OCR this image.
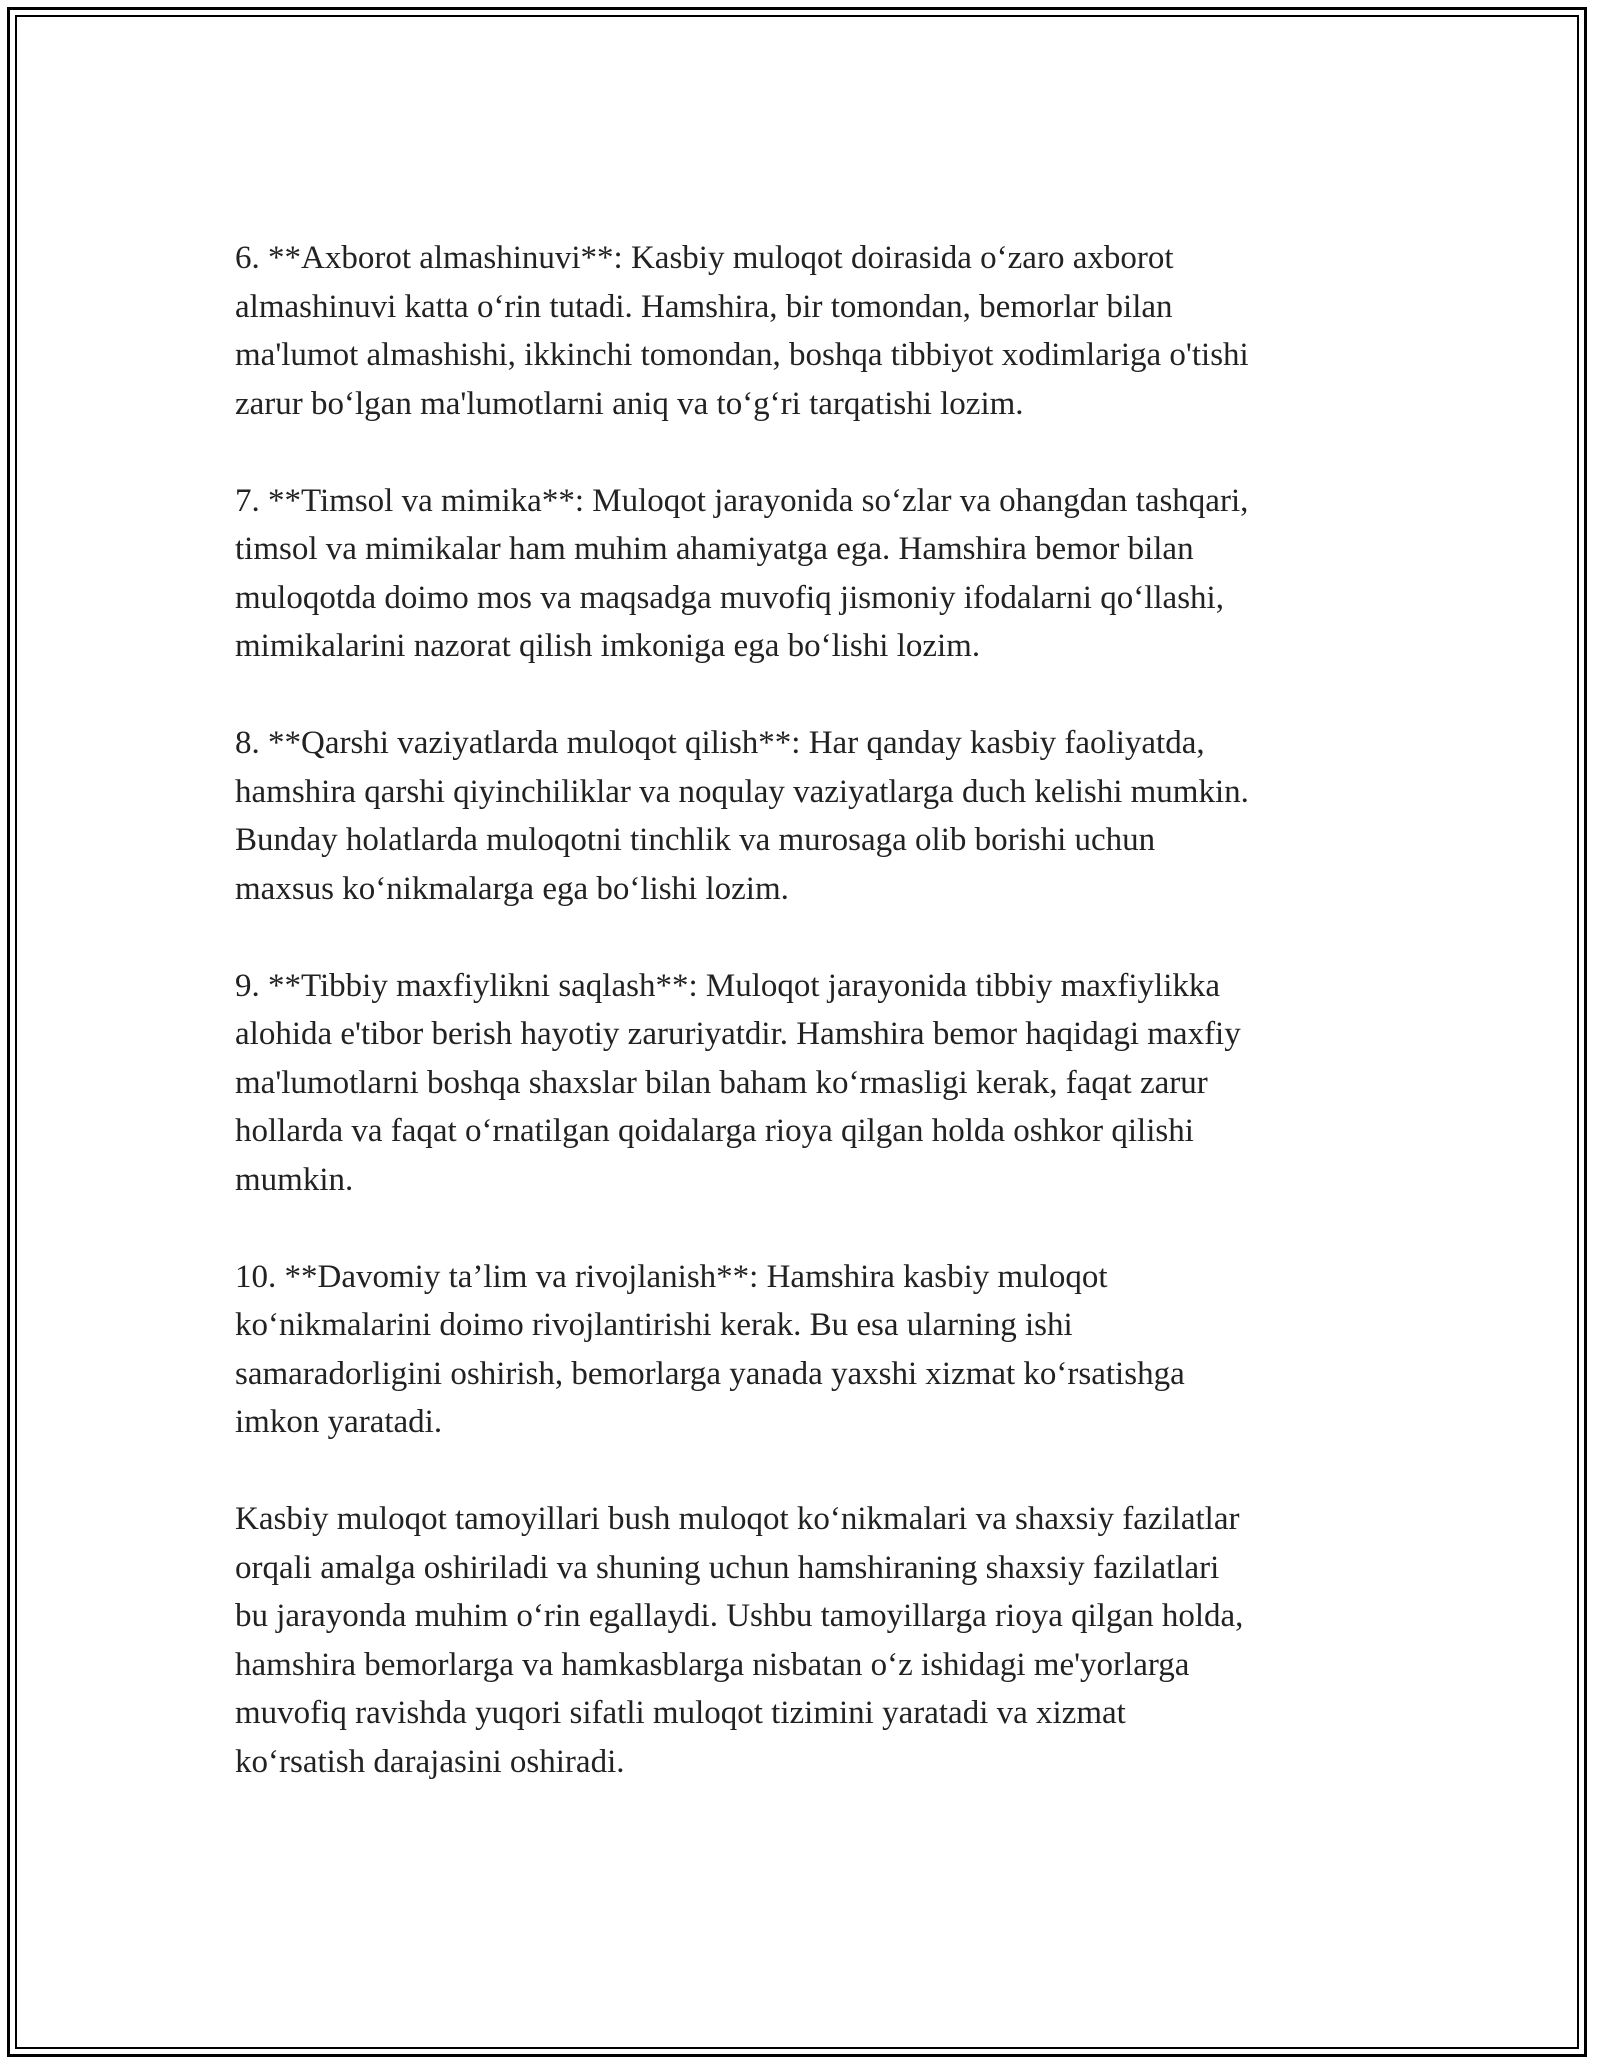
6. **Axborot almashinuvi**: Kasbiy muloqot doirasida o‘zaro axborot
almashinuvi katta o‘rin tutadi. Hamshira, bir tomondan, bemorlar bilan
ma'lumot almashishi, ikkinchi tomondan, boshqa tibbiyot xodimlariga o'tishi
zarur bo‘lgan ma'lumotlarni aniq va to‘g‘ri tarqatishi lozim.

7. **Timsol va mimika**: Muloqot jarayonida so‘zlar va ohangdan tashqari,
timsol va mimikalar ham muhim ahamiyatga ega. Hamshira bemor bilan
muloqotda doimo mos va maqsadga muvofiq jismoniy ifodalarni qo‘llashi,
mimikalarini nazorat qilish imkoniga ega bo‘lishi lozim.

8. **Qarshi vaziyatlarda muloqot qilish**: Har qanday kasbiy faoliyatda,
hamshira qarshi qiyinchiliklar va noqulay vaziyatlarga duch kelishi mumkin.
Bunday holatlarda muloqotni tinchlik va murosaga olib borishi uchun
maxsus ko‘nikmalarga ega bo‘lishi lozim.

9. **Tibbiy maxfiylikni saqlash**: Muloqot jarayonida tibbiy maxfiylikka
alohida e'tibor berish hayotiy zaruriyatdir. Hamshira bemor haqidagi maxfiy
ma'lumotlarni boshqa shaxslar bilan baham ko‘rmasligi kerak, faqat zarur
hollarda va faqat o‘rnatilgan qoidalarga rioya qilgan holda oshkor qilishi
mumkin.

10. **Davomiy ta’lim va rivojlanish**: Hamshira kasbiy muloqot
ko‘nikmalarini doimo rivojlantirishi kerak. Bu esa ularning ishi
samaradorligini oshirish, bemorlarga yanada yaxshi xizmat ko‘rsatishga
imkon yaratadi.

Kasbiy muloqot tamoyillari bush muloqot ko‘nikmalari va shaxsiy fazilatlar
orqali amalga oshiriladi va shuning uchun hamshiraning shaxsiy fazilatlari
bu jarayonda muhim o‘rin egallaydi. Ushbu tamoyillarga rioya qilgan holda,
hamshira bemorlarga va hamkasblarga nisbatan o‘z ishidagi me'yorlarga
muvofiq ravishda yuqori sifatli muloqot tizimini yaratadi va xizmat
ko‘rsatish darajasini oshiradi.
